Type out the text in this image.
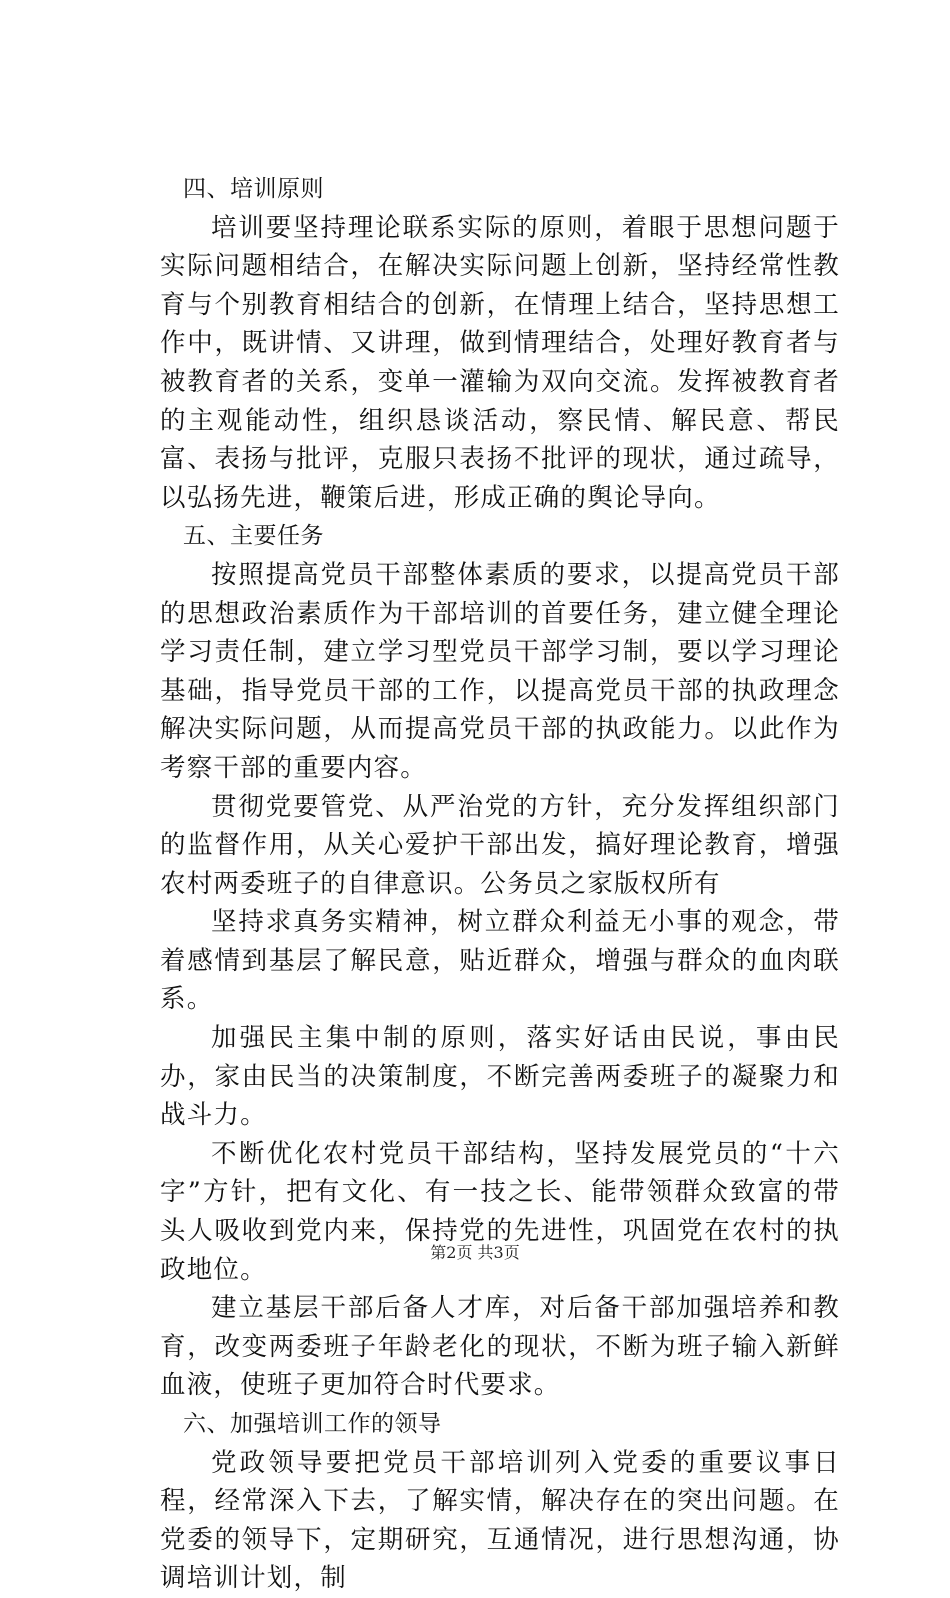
四、培训原则

培训要坚持理论联系实际的原则，着眼于思想问题于实际问题相结合，在解决实际问题上创新，坚持经常性教育与个别教育相结合的创新，在情理上结合，坚持思想工作中，既讲情、又讲理，做到情理结合，处理好教育者与被教育者的关系，变单一灌输为双向交流。发挥被教育者的主观能动性，组织恳谈活动，察民情、解民意、帮民富、表扬与批评，克服只表扬不批评的现状，通过疏导，以弘扬先进，鞭策后进，形成正确的舆论导向。

五、主要任务

按照提高党员干部整体素质的要求，以提高党员干部的思想政治素质作为干部培训的首要任务，建立健全理论学习责任制，建立学习型党员干部学习制，要以学习理论基础，指导党员干部的工作，以提高党员干部的执政理念解决实际问题，从而提高党员干部的执政能力。以此作为考察干部的重要内容。

贯彻党要管党、从严治党的方针，充分发挥组织部门的监督作用，从关心爱护干部出发，搞好理论教育，增强农村两委班子的自律意识。公务员之家版权所有

坚持求真务实精神，树立群众利益无小事的观念，带着感情到基层了解民意，贴近群众，增强与群众的血肉联系。

加强民主集中制的原则，落实好话由民说，事由民办，家由民当的决策制度，不断完善两委班子的凝聚力和战斗力。

不断优化农村党员干部结构，坚持发展党员的“十六字”方针，把有文化、有一技之长、能带领群众致富的带头人吸收到党内来，保持党的先进性，巩固党在农村的执政地位。

建立基层干部后备人才库，对后备干部加强培养和教育，改变两委班子年龄老化的现状，不断为班子输入新鲜血液，使班子更加符合时代要求。

六、加强培训工作的领导

党政领导要把党员干部培训列入党委的重要议事日程，经常深入下去，了解实情，解决存在的突出问题。在党委的领导下，定期研究，互通情况，进行思想沟通，协调培训计划，制

第2页 共3页
